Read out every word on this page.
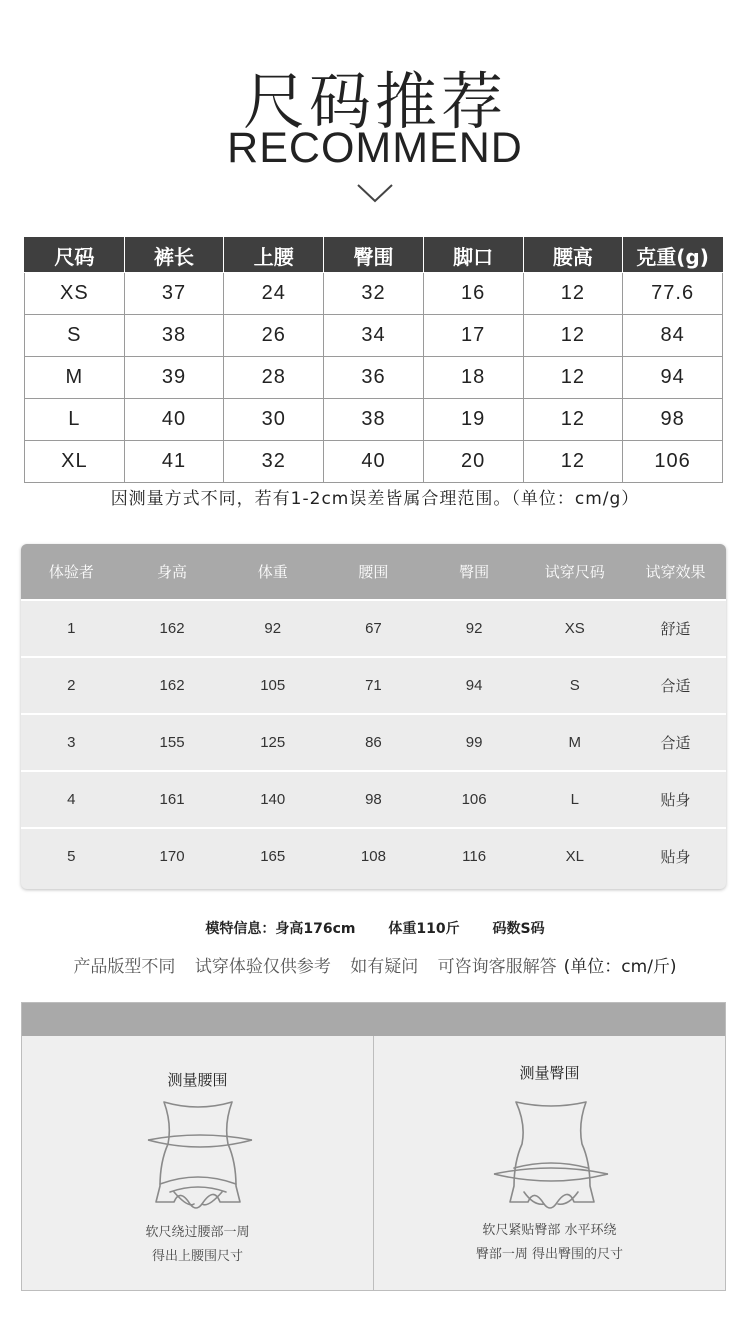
尺码推荐
RECOMMEND
尺码	裤长	上腰	臀围	脚口	腰高	克重(g)
XS	37	24	32	16	12	77.6
S	38	26	34	17	12	84
M	39	28	36	18	12	94
L	40	30	38	19	12	98
XL	41	32	40	20	12	106
因测量方式不同，若有1-2cm误差皆属合理范围。（单位：cm/g）
体验者	身高	体重	腰围	臀围	试穿尺码	试穿效果
1	162	92	67	92	XS	舒适
2	162	105	71	94	S	合适
3	155	125	86	99	M	合适
4	161	140	98	106	L	贴身
5	170	165	108	116	XL	贴身
模特信息：身高176cm 体重110斤 码数S码
产品版型不同 试穿体验仅供参考 如有疑问 可咨询客服解答 (单位：cm/斤)
测量腰围
软尺绕过腰部一周
得出上腰围尺寸
测量臀围
软尺紧贴臀部 水平环绕
臀部一周 得出臀围的尺寸
